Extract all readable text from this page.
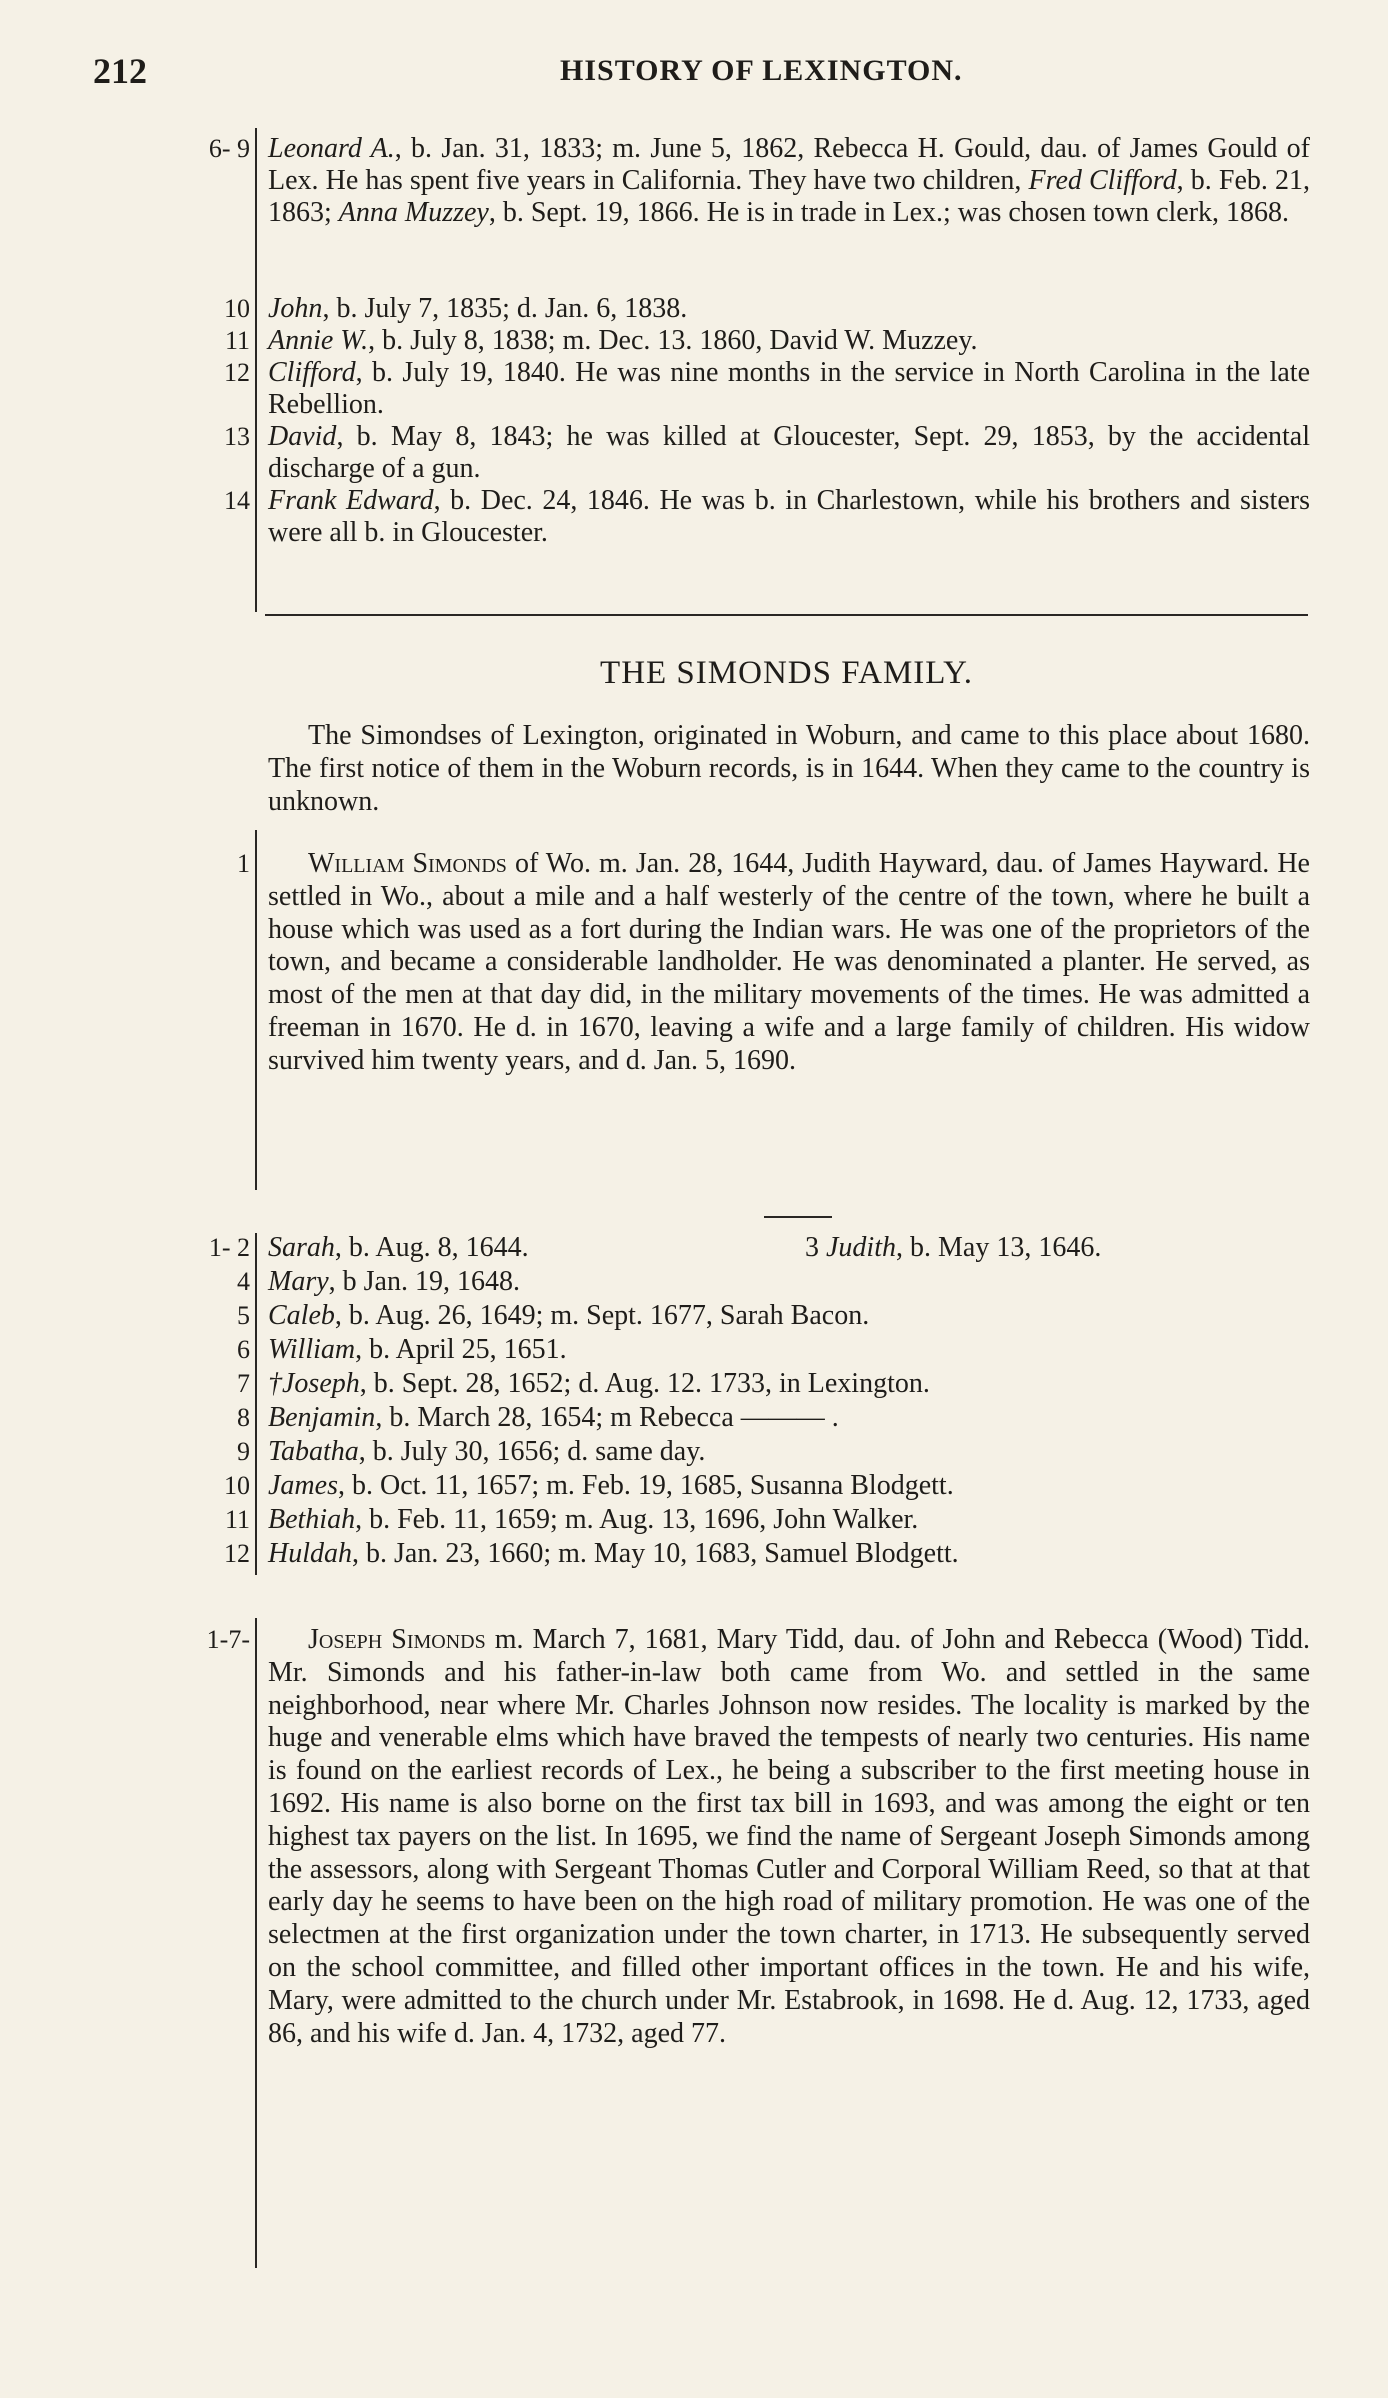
212	HISTORY OF LEXINGTON.
6- 9 Leonard A., b. Jan. 31, 1833; m. June 5, 1862, Rebecca H. Gould, dau. of James Gould of Lex. He has spent five years in California. They have two children, Fred Clifford, b. Feb. 21, 1863; Anna Muzzey, b. Sept. 19, 1866. He is in trade in Lex.; was chosen town clerk, 1868.
10 John, b. July 7, 1835; d. Jan. 6, 1838.
11 Annie W., b. July 8, 1838; m. Dec. 13. 1860, David W. Muzzey.
12 Clifford, b. July 19, 1840. He was nine months in the service in North Carolina in the late Rebellion.
13 David, b. May 8, 1843; he was killed at Gloucester, Sept. 29, 1853, by the accidental discharge of a gun.
14 Frank Edward, b. Dec. 24, 1846. He was b. in Charlestown, while his brothers and sisters were all b. in Gloucester.
THE SIMONDS FAMILY.
The Simondses of Lexington, originated in Woburn, and came to this place about 1680. The first notice of them in the Woburn records, is in 1644. When they came to the country is unknown.
1	William Simonds of Wo. m. Jan. 28, 1644, Judith Hayward, dau. of James Hayward. He settled in Wo., about a mile and a half westerly of the centre of the town, where he built a house which was used as a fort during the Indian wars. He was one of the proprietors of the town, and became a considerable landholder. He was denominated a planter. He served, as most of the men at that day did, in the military movements of the times. He was admitted a freeman in 1670. He d. in 1670, leaving a wife and a large family of children. His widow survived him twenty years, and d. Jan. 5, 1690.
1- 2 Sarah, b. Aug. 8, 1644.	3 Judith, b. May 13, 1646.
4 Mary, b Jan. 19, 1648.
5 Caleb, b. Aug. 26, 1649; m. Sept. 1677, Sarah Bacon.
6 William, b. April 25, 1651.
7 †Joseph, b. Sept. 28, 1652; d. Aug. 12. 1733, in Lexington.
8 Benjamin, b. March 28, 1654; m Rebecca ——— .
9 Tabatha, b. July 30, 1656; d. same day.
10 James, b. Oct. 11, 1657; m. Feb. 19, 1685, Susanna Blodgett.
11 Bethiah, b. Feb. 11, 1659; m. Aug. 13, 1696, John Walker.
12 Huldah, b. Jan. 23, 1660; m. May 10, 1683, Samuel Blodgett.
1-7-	Joseph Simonds m. March 7, 1681, Mary Tidd, dau. of John and Rebecca (Wood) Tidd. Mr. Simonds and his father-in-law both came from Wo. and settled in the same neighborhood, near where Mr. Charles Johnson now resides. The locality is marked by the huge and venerable elms which have braved the tempests of nearly two centuries. His name is found on the earliest records of Lex., he being a subscriber to the first meeting house in 1692. His name is also borne on the first tax bill in 1693, and was among the eight or ten highest tax payers on the list. In 1695, we find the name of Sergeant Joseph Simonds among the assessors, along with Sergeant Thomas Cutler and Corporal William Reed, so that at that early day he seems to have been on the high road of military promotion. He was one of the selectmen at the first organization under the town charter, in 1713. He subsequently served on the school committee, and filled other important offices in the town. He and his wife, Mary, were admitted to the church under Mr. Estabrook, in 1698. He d. Aug. 12, 1733, aged 86, and his wife d. Jan. 4, 1732, aged 77.
